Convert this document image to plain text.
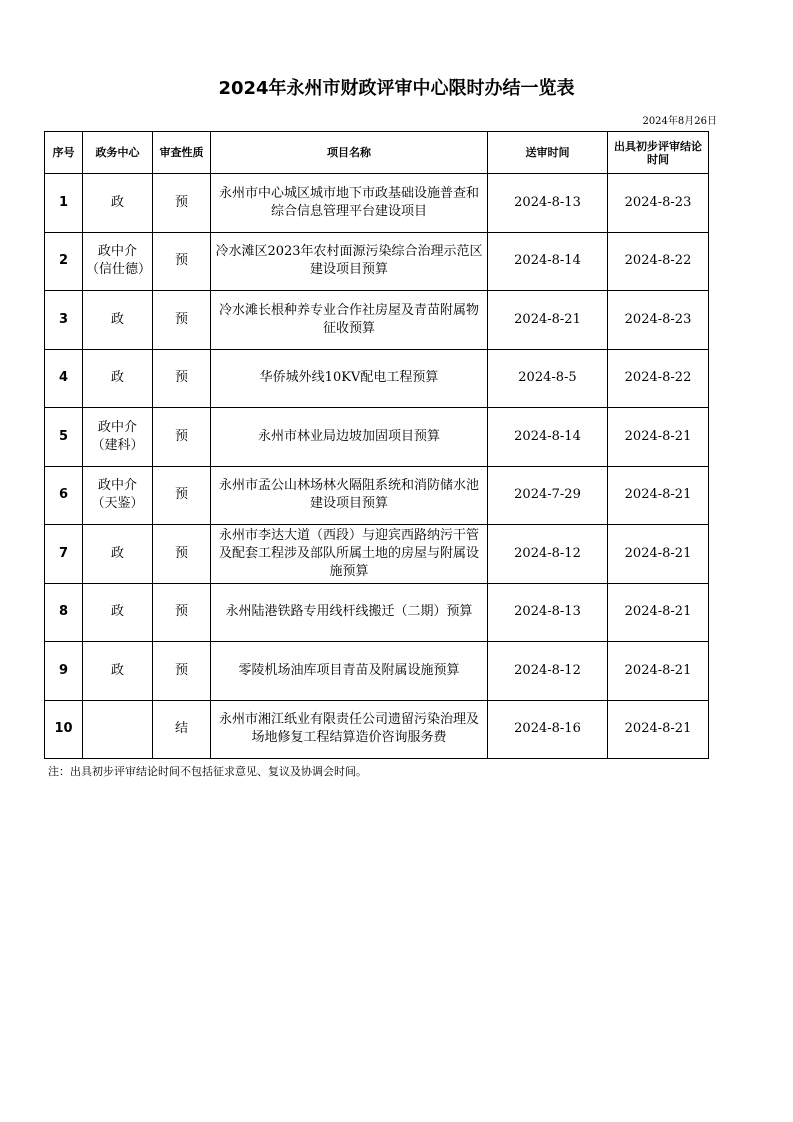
2024年永州市财政评审中心限时办结一览表
2024年8月26日
序号	政务中心	审查性质	项目名称	送审时间	出具初步评审结论时间
1	政	预	永州市中心城区城市地下市政基础设施普查和综合信息管理平台建设项目	2024-8-13	2024-8-23
2	政中介（信仕德）	预	冷水滩区2023年农村面源污染综合治理示范区建设项目预算	2024-8-14	2024-8-22
3	政	预	冷水滩长根种养专业合作社房屋及青苗附属物征收预算	2024-8-21	2024-8-23
4	政	预	华侨城外线10KV配电工程预算	2024-8-5	2024-8-22
5	政中介（建科）	预	永州市林业局边坡加固项目预算	2024-8-14	2024-8-21
6	政中介（天鉴）	预	永州市孟公山林场林火隔阻系统和消防储水池建设项目预算	2024-7-29	2024-8-21
7	政	预	永州市李达大道（西段）与迎宾西路纳污干管及配套工程涉及部队所属土地的房屋与附属设施预算	2024-8-12	2024-8-21
8	政	预	永州陆港铁路专用线杆线搬迁（二期）预算	2024-8-13	2024-8-21
9	政	预	零陵机场油库项目青苗及附属设施预算	2024-8-12	2024-8-21
10		结	永州市湘江纸业有限责任公司遗留污染治理及场地修复工程结算造价咨询服务费	2024-8-16	2024-8-21
注：出具初步评审结论时间不包括征求意见、复议及协调会时间。
